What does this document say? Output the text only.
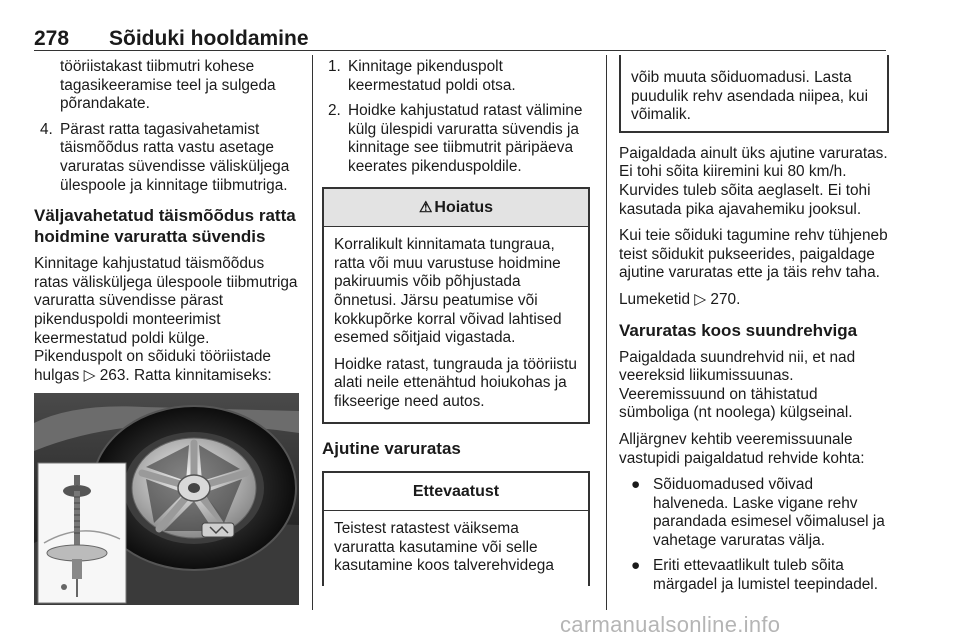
278 Sõiduki hooldamine
tööriistakast tiibmutri kohese tagasikeeramise teel ja sulgeda põrandakate.
4. Pärast ratta tagasivahetamist täismõõdus ratta vastu asetage varuratas süvendisse välisküljega ülespoole ja kinnitage tiibmutriga.
Väljavahetatud täismõõdus ratta hoidmine varuratta süvendis

Kinnitage kahjustatud täismõõdus ratas välisküljega ülespoole tiibmutriga varuratta süvendisse pärast pikenduspoldi monteerimist keermestatud poldi külge.

Pikenduspolt on sõiduki tööriistade hulgas ▷ 263. Ratta kinnitamiseks:

1. Kinnitage pikenduspolt keermestatud poldi otsa.
2. Hoidke kahjustatud ratast välimine külg ülespidi varuratta süvendis ja kinnitage see tiibmutrit päripäeva keerates pikenduspoldile.
⚠ Hoiatus

Korralikult kinnitamata tungraua, ratta või muu varustuse hoidmine pakiruumis võib põhjustada õnnetusi. Järsu peatumise või kokkupõrke korral võivad lahtised esemed sõitjaid vigastada.

Hoidke ratast, tungrauda ja tööriistu alati neile ettenähtud hoiukohas ja fikseerige need autos.

Ajutine varuratas
Ettevaatust

Teistest ratastest väiksema varuratta kasutamine või selle kasutamine koos talverehvidega

võib muuta sõiduomadusi. Lasta puudulik rehv asendada niipea, kui võimalik.

Paigaldada ainult üks ajutine varuratas. Ei tohi sõita kiiremini kui 80 km/h. Kurvides tuleb sõita aeglaselt. Ei tohi kasutada pika ajavahemiku jooksul.

Kui teie sõiduki tagumine rehv tühjeneb teist sõidukit pukseerides, paigaldage ajutine varuratas ette ja täis rehv taha.

Lumeketid ▷ 270.

Varuratas koos suundrehviga

Paigaldada suundrehvid nii, et nad veereksid liikumissuunas. Veeremissuund on tähistatud sümboliga (nt noolega) külgseinal.

Alljärgnev kehtib veeremissuunale vastupidi paigaldatud rehvide kohta:

● Sõiduomadused võivad halveneda. Laske vigane rehv parandada esimesel võimalusel ja vahetage varuratas välja.
● Eriti ettevaatlikult tuleb sõita märgadel ja lumistel teepindadel.
carmanualsonline.info
